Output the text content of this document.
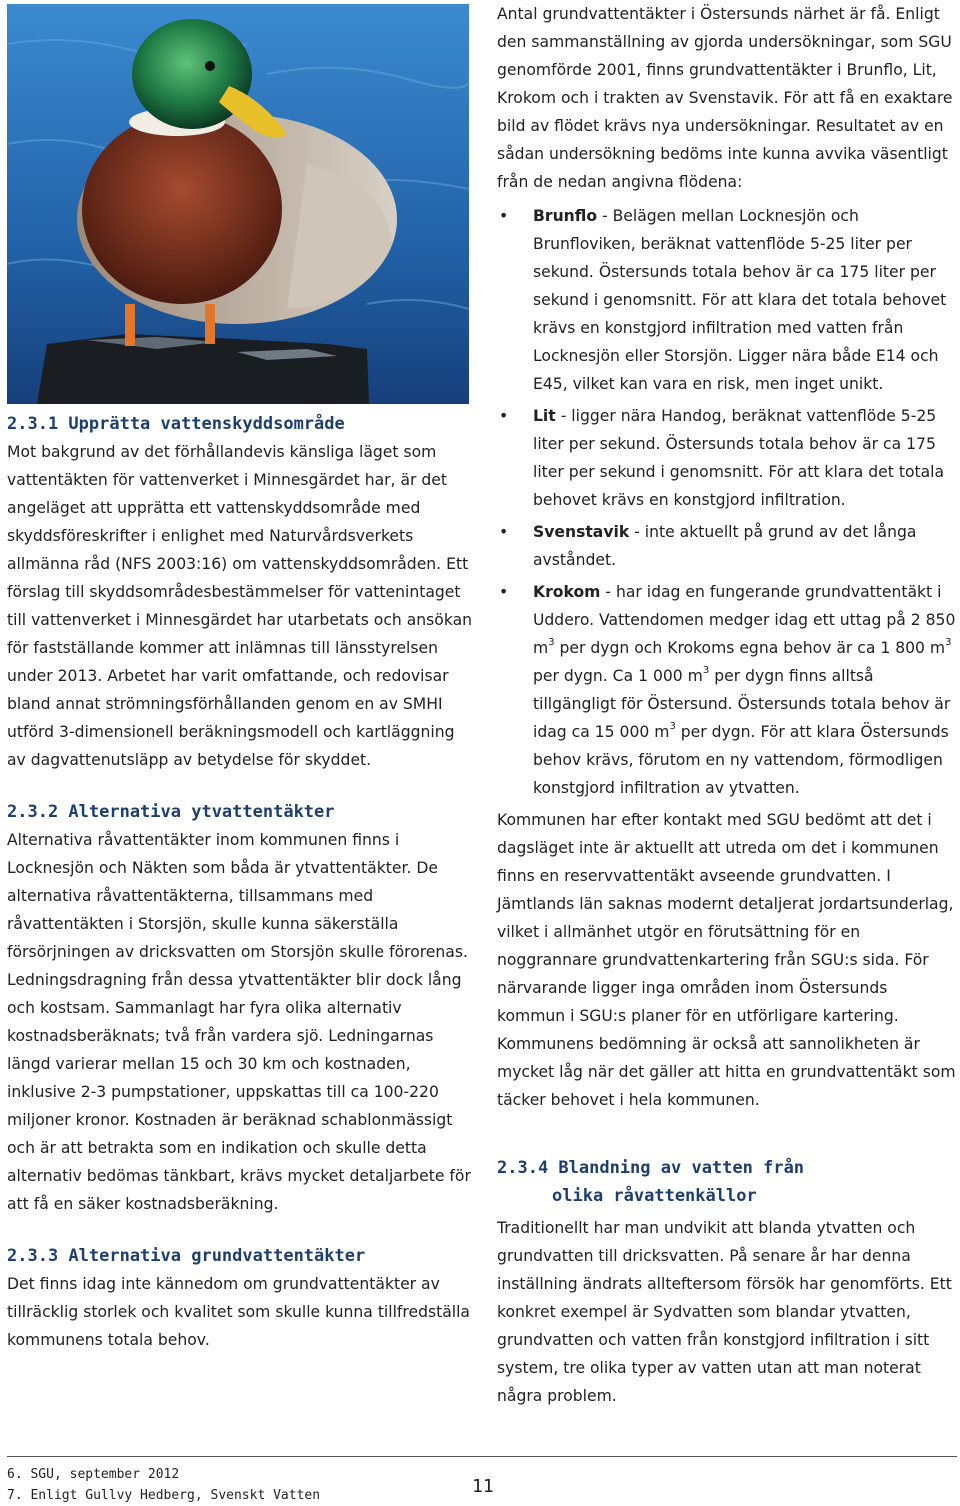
2.3.1 Upprätta vattenskyddsområde

Mot bakgrund av det förhållandevis känsliga läget som vattentäkten för vattenverket i Minnesgärdet har, är det angeläget att upprätta ett vattenskyddsområde med skyddsföreskrifter i enlighet med Naturvårdsverkets allmänna råd (NFS 2003:16) om vattenskyddsområden. Ett förslag till skyddsområdesbestämmelser för vattenintaget till vattenverket i Minnesgärdet har utarbetats och ansökan för fastställande kommer att inlämnas till länsstyrelsen under 2013. Arbetet har varit omfattande, och redovisar bland annat strömningsförhållanden genom en av SMHI utförd 3-dimensionell beräkningsmodell och kartläggning av dagvattenutsläpp av betydelse för skyddet.

2.3.2 Alternativa ytvattentäkter

Alternativa råvattentäkter inom kommunen finns i Locknesjön och Näkten som båda är ytvattentäkter. De alternativa råvattentäkterna, tillsammans med råvattentäkten i Storsjön, skulle kunna säkerställa försörjningen av dricksvatten om Storsjön skulle förorenas. Ledningsdragning från dessa ytvattentäkter blir dock lång och kostsam. Sammanlagt har fyra olika alternativ kostnadsberäknats; två från vardera sjö. Ledningarnas längd varierar mellan 15 och 30 km och kostnaden, inklusive 2-3 pumpstationer, uppskattas till ca 100-220 miljoner kronor. Kostnaden är beräknad schablonmässigt och är att betrakta som en indikation och skulle detta alternativ bedömas tänkbart, krävs mycket detaljarbete för att få en säker kostnadsberäkning.

2.3.3 Alternativa grundvattentäkter

Det finns idag inte kännedom om grundvattentäkter av tillräcklig storlek och kvalitet som skulle kunna tillfredställa kommunens totala behov.

Antal grundvattentäkter i Östersunds närhet är få. Enligt den sammanställning av gjorda undersökningar, som SGU genomförde 2001, finns grundvattentäkter i Brunflo, Lit, Krokom och i trakten av Svenstavik. För att få en exaktare bild av flödet krävs nya undersökningar. Resultatet av en sådan undersökning bedöms inte kunna avvika väsentligt från de nedan angivna flödena:

• Brunflo - Belägen mellan Locknesjön och Brunfloviken, beräknat vattenflöde 5-25 liter per sekund. Östersunds totala behov är ca 175 liter per sekund i genomsnitt. För att klara det totala behovet krävs en konstgjord infiltration med vatten från Locknesjön eller Storsjön. Ligger nära både E14 och E45, vilket kan vara en risk, men inget unikt.
• Lit - ligger nära Handog, beräknat vattenflöde 5-25 liter per sekund. Östersunds totala behov är ca 175 liter per sekund i genomsnitt. För att klara det totala behovet krävs en konstgjord infiltration.
• Svenstavik - inte aktuellt på grund av det långa avståndet.
• Krokom - har idag en fungerande grundvattentäkt i Uddero. Vattendomen medger idag ett uttag på 2 850 $m^3$ per dygn och Krokoms egna behov är ca 1 800 $m^3$ per dygn. Ca 1 000 $m^3$ per dygn finns alltså tillgängligt för Östersund. Östersunds totala behov är idag ca 15 000 $m^3$ per dygn. För att klara Östersunds behov krävs, förutom en ny vattendom, förmodligen konstgjord infiltration av ytvatten.

Kommunen har efter kontakt med SGU bedömt att det i dagsläget inte är aktuellt att utreda om det i kommunen finns en reservvattentäkt avseende grundvatten. I Jämtlands län saknas modernt detaljerat jordartsunderlag, vilket i allmänhet utgör en förutsättning för en noggrannare grundvattenkartering från SGU:s sida. För närvarande ligger inga områden inom Östersunds kommun i SGU:s planer för en utförligare kartering. Kommunens bedömning är också att sannolikheten är mycket låg när det gäller att hitta en grundvattentäkt som täcker behovet i hela kommunen.

2.3.4 Blandning av vatten från
olika råvattenkällor

Traditionellt har man undvikit att blanda ytvatten och grundvatten till dricksvatten. På senare år har denna inställning ändrats allteftersom försök har genomförts. Ett konkret exempel är Sydvatten som blandar ytvatten, grundvatten och vatten från konstgjord infiltration i sitt system, tre olika typer av vatten utan att man noterat några problem.

6. SGU, september 2012
7. Enligt Gullvy Hedberg, Svenskt Vatten	11
